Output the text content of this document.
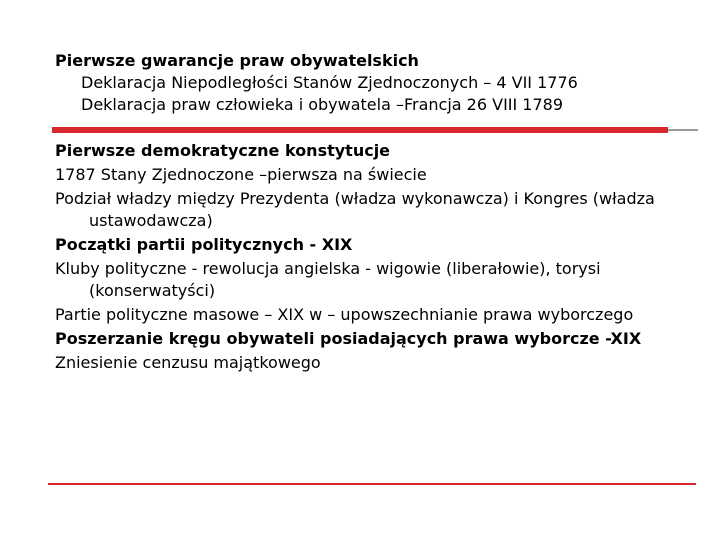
Pierwsze gwarancje praw obywatelskich

Deklaracja Niepodległości Stanów Zjednoczonych – 4 VII 1776

Deklaracja praw człowieka i obywatela –Francja 26 VIII 1789

Pierwsze demokratyczne konstytucje

1787 Stany Zjednoczone –pierwsza na świecie

Podział władzy między Prezydenta (władza wykonawcza) i Kongres (władza ustawodawcza)

Początki partii politycznych - XIX

Kluby polityczne - rewolucja angielska - wigowie (liberałowie), torysi (konserwatyści)

Partie polityczne masowe – XIX w – upowszechnianie prawa wyborczego

Poszerzanie kręgu obywateli posiadających prawa wyborcze -XIX

Zniesienie cenzusu majątkowego
